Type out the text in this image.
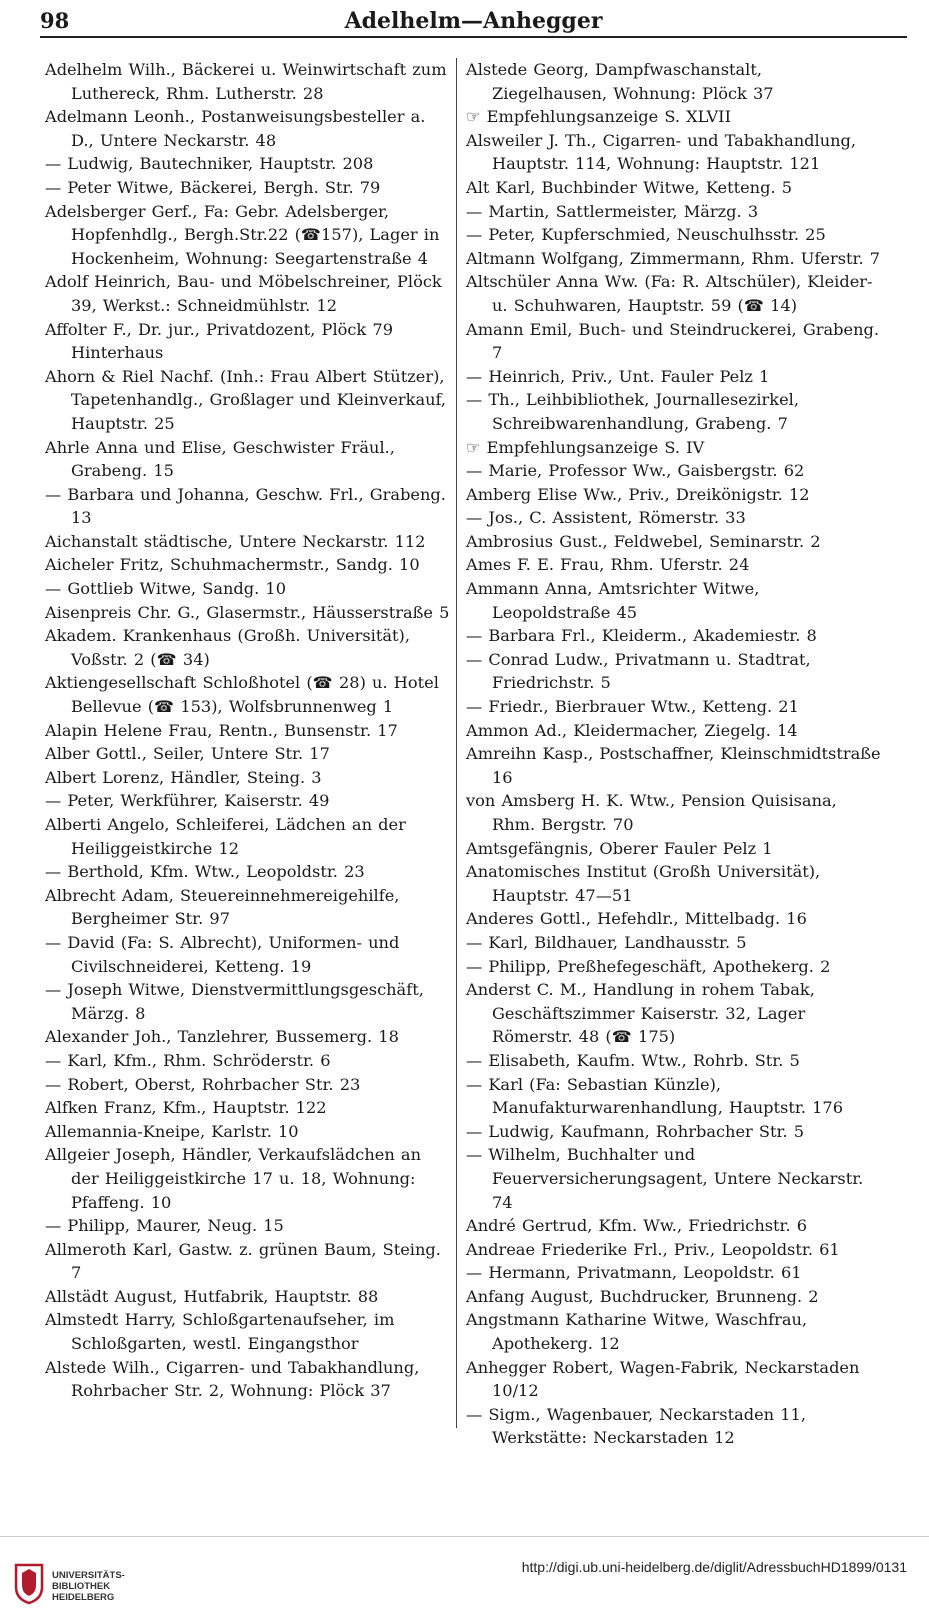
98	Adelhelm—Anhegger

Adelhelm Wilh., Bäckerei u. Weinwirtschaft zum Luthereck, Rhm. Lutherstr. 28

Adelmann Leonh., Postanweisungsbesteller a. D., Untere Neckarstr. 48

— Ludwig, Bautechniker, Hauptstr. 208

— Peter Witwe, Bäckerei, Bergh. Str. 79

Adelsberger Gerf., Fa: Gebr. Adelsberger, Hopfenhdlg., Bergh.Str.22 (☎157), Lager in Hockenheim, Wohnung: Seegartenstraße 4

Adolf Heinrich, Bau- und Möbelschreiner, Plöck 39, Werkst.: Schneidmühlstr. 12

Affolter F., Dr. jur., Privatdozent, Plöck 79 Hinterhaus

Ahorn & Riel Nachf. (Inh.: Frau Albert Stützer), Tapetenhandlg., Großlager und Kleinverkauf, Hauptstr. 25

Ahrle Anna und Elise, Geschwister Fräul., Grabeng. 15

— Barbara und Johanna, Geschw. Frl., Grabeng. 13

Aichanstalt städtische, Untere Neckarstr. 112

Aicheler Fritz, Schuhmachermstr., Sandg. 10

— Gottlieb Witwe, Sandg. 10

Aisenpreis Chr. G., Glasermstr., Häusserstraße 5

Akadem. Krankenhaus (Großh. Universität), Voßstr. 2 (☎ 34)

Aktiengesellschaft Schloßhotel (☎ 28) u. Hotel Bellevue (☎ 153), Wolfsbrunnenweg 1

Alapin Helene Frau, Rentn., Bunsenstr. 17

Alber Gottl., Seiler, Untere Str. 17

Albert Lorenz, Händler, Steing. 3

— Peter, Werkführer, Kaiserstr. 49

Alberti Angelo, Schleiferei, Lädchen an der Heiliggeistkirche 12

— Berthold, Kfm. Wtw., Leopoldstr. 23

Albrecht Adam, Steuereinnehmereigehilfe, Bergheimer Str. 97

— David (Fa: S. Albrecht), Uniformen- und Civilschneiderei, Ketteng. 19

— Joseph Witwe, Dienstvermittlungsgeschäft, Märzg. 8

Alexander Joh., Tanzlehrer, Bussemerg. 18

— Karl, Kfm., Rhm. Schröderstr. 6

— Robert, Oberst, Rohrbacher Str. 23

Alfken Franz, Kfm., Hauptstr. 122

Allemannia-Kneipe, Karlstr. 10

Allgeier Joseph, Händler, Verkaufslädchen an der Heiliggeistkirche 17 u. 18, Wohnung: Pfaffeng. 10

— Philipp, Maurer, Neug. 15

Allmeroth Karl, Gastw. z. grünen Baum, Steing. 7

Allstädt August, Hutfabrik, Hauptstr. 88

Almstedt Harry, Schloßgartenaufseher, im Schloßgarten, westl. Eingangsthor

Alstede Wilh., Cigarren- und Tabakhandlung, Rohrbacher Str. 2, Wohnung: Plöck 37

Alstede Georg, Dampfwaschanstalt, Ziegelhausen, Wohnung: Plöck 37

☞ Empfehlungsanzeige S. XLVII

Alsweiler J. Th., Cigarren- und Tabakhandlung, Hauptstr. 114, Wohnung: Hauptstr. 121

Alt Karl, Buchbinder Witwe, Ketteng. 5

— Martin, Sattlermeister, Märzg. 3

— Peter, Kupferschmied, Neuschulhsstr. 25

Altmann Wolfgang, Zimmermann, Rhm. Uferstr. 7

Altschüler Anna Ww. (Fa: R. Altschüler), Kleider- u. Schuhwaren, Hauptstr. 59 (☎ 14)

Amann Emil, Buch- und Steindruckerei, Grabeng. 7

— Heinrich, Priv., Unt. Fauler Pelz 1

— Th., Leihbibliothek, Journallesezirkel, Schreibwarenhandlung, Grabeng. 7

☞ Empfehlungsanzeige S. IV

— Marie, Professor Ww., Gaisbergstr. 62

Amberg Elise Ww., Priv., Dreikönigstr. 12

— Jos., C. Assistent, Römerstr. 33

Ambrosius Gust., Feldwebel, Seminarstr. 2

Ames F. E. Frau, Rhm. Uferstr. 24

Ammann Anna, Amtsrichter Witwe, Leopoldstraße 45

— Barbara Frl., Kleiderm., Akademiestr. 8

— Conrad Ludw., Privatmann u. Stadtrat, Friedrichstr. 5

— Friedr., Bierbrauer Wtw., Ketteng. 21

Ammon Ad., Kleidermacher, Ziegelg. 14

Amreihn Kasp., Postschaffner, Kleinschmidtstraße 16

von Amsberg H. K. Wtw., Pension Quisisana, Rhm. Bergstr. 70

Amtsgefängnis, Oberer Fauler Pelz 1

Anatomisches Institut (Großh Universität), Hauptstr. 47—51

Anderes Gottl., Hefehdlr., Mittelbadg. 16

— Karl, Bildhauer, Landhausstr. 5

— Philipp, Preßhefegeschäft, Apothekerg. 2

Anderst C. M., Handlung in rohem Tabak, Geschäftszimmer Kaiserstr. 32, Lager Römerstr. 48 (☎ 175)

— Elisabeth, Kaufm. Wtw., Rohrb. Str. 5

— Karl (Fa: Sebastian Künzle), Manufakturwarenhandlung, Hauptstr. 176

— Ludwig, Kaufmann, Rohrbacher Str. 5

— Wilhelm, Buchhalter und Feuerversicherungsagent, Untere Neckarstr. 74

André Gertrud, Kfm. Ww., Friedrichstr. 6

Andreae Friederike Frl., Priv., Leopoldstr. 61

— Hermann, Privatmann, Leopoldstr. 61

Anfang August, Buchdrucker, Brunneng. 2

Angstmann Katharine Witwe, Waschfrau, Apothekerg. 12

Anhegger Robert, Wagen-Fabrik, Neckarstaden 10/12

— Sigm., Wagenbauer, Neckarstaden 11, Werkstätte: Neckarstaden 12

UNIVERSITÄTS-
BIBLIOTHEK
HEIDELBERG
http://digi.ub.uni-heidelberg.de/diglit/AdressbuchHD1899/0131
